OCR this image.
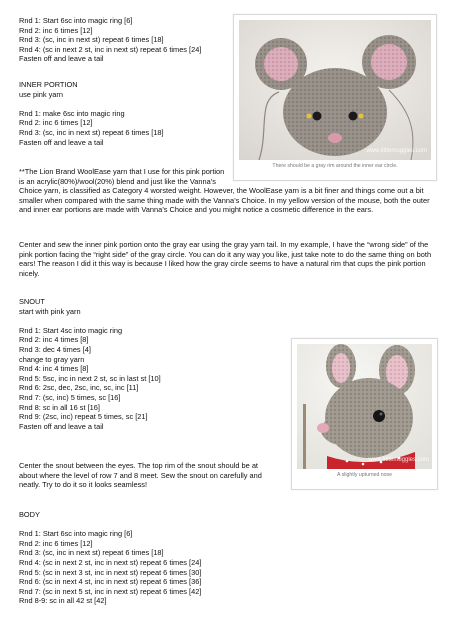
Rnd 1: Start 6sc into magic ring [6]
Rnd 2: inc 6 times [12]
Rnd 3: (sc, inc in next st) repeat 6 times [18]
Rnd 4: (sc in next 2 st, inc in next st) repeat 6 times [24]
Fasten off and leave a tail
INNER PORTION
use pink yarn
Rnd 1: make 6sc into magic ring
Rnd 2: inc 6 times [12]
Rnd 3: (sc, inc in next st) repeat 6 times [18]
Fasten off and leave a tail
**The Lion Brand WoolEase yarn that I use for this pink portion is an acrylic(80%)/wool(20%) blend and just like the Vanna’s Choice yarn, is classified as Category 4 worsted weight. However, the WoolEase yarn is a bit finer and things come out a bit smaller when compared with the same thing made with the Vanna’s Choice. In my yellow version of the mouse, both the outer and inner ear portions are made with Vanna’s Choice and you might notice a cosmetic difference in the ears.
Center and sew the inner pink portion onto the gray ear using the gray yarn tail. In my example, I have the “wrong side” of the pink portion facing the “right side” of the gray circle. You can do it any way you like, just take note to do the same thing on both ears! The reason I did it this way is because I liked how the gray circle seems to have a natural rim that cups the pink portion nicely.
SNOUT
start with pink yarn
Rnd 1: Start 4sc into magic ring
Rnd 2: inc 4 times [8]
Rnd 3: dec 4 times [4]
change to gray yarn
Rnd 4: inc 4 times [8]
Rnd 5: 5sc, inc in next 2 st, sc in last st [10]
Rnd 6: 2sc, dec, 2sc, inc, sc, inc [11]
Rnd 7: (sc, inc) 5 times, sc [16]
Rnd 8: sc in all 16 st [16]
Rnd 9: (2sc, inc) repeat 5 times, sc [21]
Fasten off and leave a tail
Center the snout between the eyes. The top rim of the snout should be at about where the level of row 7 and 8 meet. Sew the snout on carefully and neatly. Try to do it so it looks seamless!
BODY
Rnd 1: Start 6sc into magic ring [6]
Rnd 2: inc 6 times [12]
Rnd 3: (sc, inc in next st) repeat 6 times [18]
Rnd 4: (sc in next 2 st, inc in next st) repeat 6 times [24]
Rnd 5: (sc in next 3 st, inc in next st) repeat 6 times [30]
Rnd 6: (sc in next 4 st, inc in next st) repeat 6 times [36]
Rnd 7: (sc in next 5 st, inc in next st) repeat 6 times [42]
Rnd 8-9: sc in all 42 st [42]
www.littlemuggles.com
There should be a gray rim around the inner ear circle.
www.littlemuggles.com
A slightly upturned nose
